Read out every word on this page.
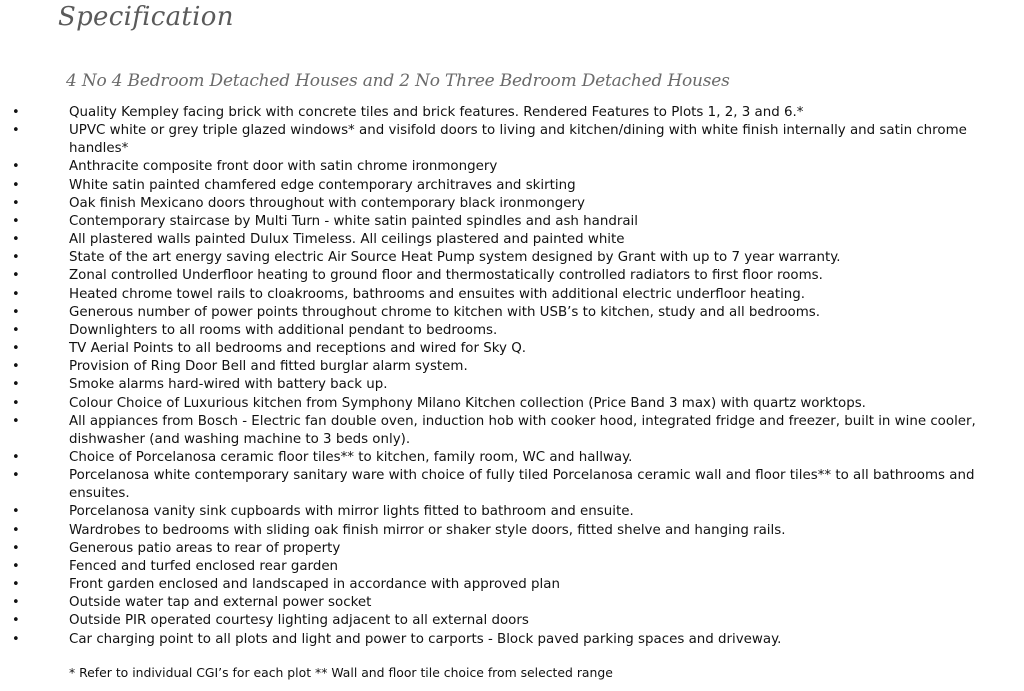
Specification
4 No 4 Bedroom Detached Houses and 2 No Three Bedroom Detached Houses
•	Quality Kempley facing brick with concrete tiles and brick features. Rendered Features to Plots 1, 2, 3 and 6.*
•	UPVC white or grey triple glazed windows* and visifold doors to living and kitchen/dining with white finish internally and satin chrome handles*
•	Anthracite composite front door with satin chrome ironmongery
•	White satin painted chamfered edge contemporary architraves and skirting
•	Oak finish Mexicano doors throughout with contemporary black ironmongery
•	Contemporary staircase by Multi Turn - white satin painted spindles and ash handrail
•	All plastered walls painted Dulux Timeless. All ceilings plastered and painted white
•	State of the art energy saving electric Air Source Heat Pump system designed by Grant with up to 7 year warranty.
•	Zonal controlled Underfloor heating to ground floor and thermostatically controlled radiators to first floor rooms.
•	Heated chrome towel rails to cloakrooms, bathrooms and ensuites with additional electric underfloor heating.
•	Generous number of power points throughout chrome to kitchen with USB’s to kitchen, study and all bedrooms.
•	Downlighters to all rooms with additional pendant to bedrooms.
•	TV Aerial Points to all bedrooms and receptions and wired for Sky Q.
•	Provision of Ring Door Bell and fitted burglar alarm system.
•	Smoke alarms hard-wired with battery back up.
•	Colour Choice of Luxurious kitchen from Symphony Milano Kitchen collection (Price Band 3 max) with quartz worktops.
•	All appiances from Bosch - Electric fan double oven, induction hob with cooker hood, integrated fridge and freezer, built in wine cooler, dishwasher (and washing machine to 3 beds only).
•	Choice of Porcelanosa ceramic floor tiles** to kitchen, family room, WC and hallway.
•	Porcelanosa white contemporary sanitary ware with choice of fully tiled Porcelanosa ceramic wall and floor tiles** to all bathrooms and ensuites.
•	Porcelanosa vanity sink cupboards with mirror lights fitted to bathroom and ensuite.
•	Wardrobes to bedrooms with sliding oak finish mirror or shaker style doors, fitted shelve and hanging rails.
•	Generous patio areas to rear of property
•	Fenced and turfed enclosed rear garden
•	Front garden enclosed and landscaped in accordance with approved plan
•	Outside water tap and external power socket
•	Outside PIR operated courtesy lighting adjacent to all external doors
•	Car charging point to all plots and light and power to carports - Block paved parking spaces and driveway.
* Refer to individual CGI’s for each plot ** Wall and floor tile choice from selected range
